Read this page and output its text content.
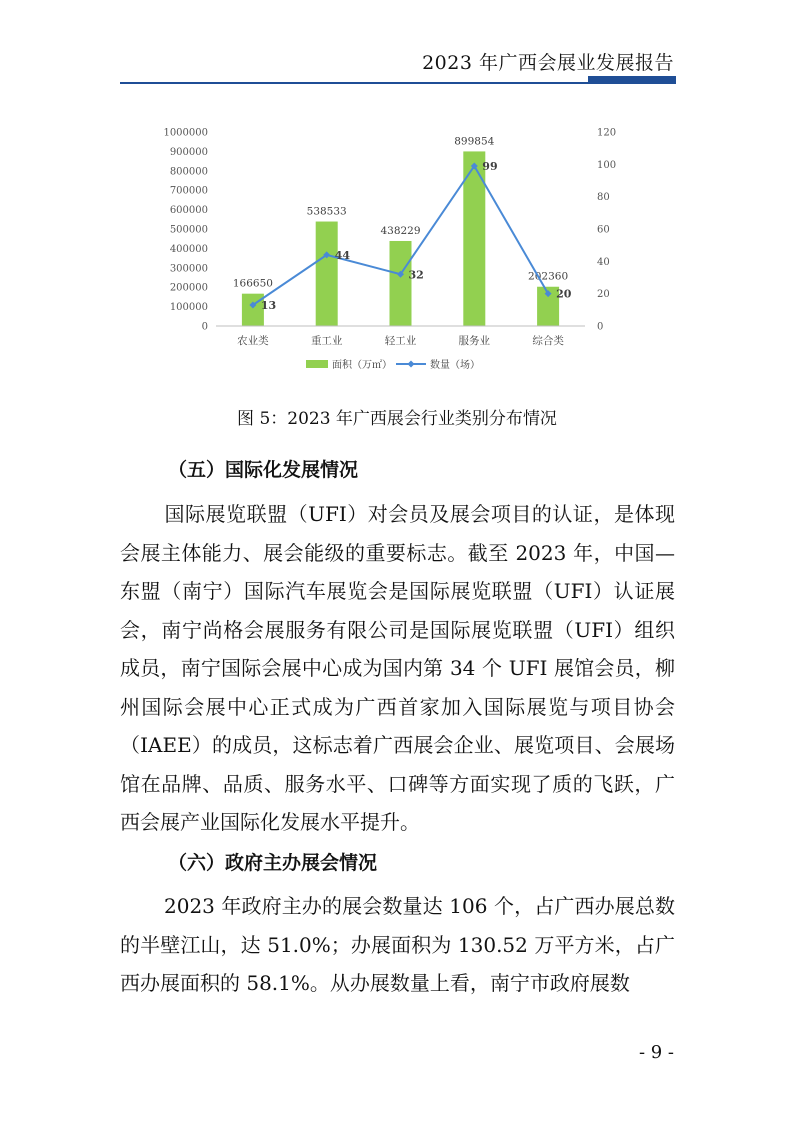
2023 年广西会展业发展报告
166650
538533
438229
899854
202360
13
44
32
99
20
0
100000
200000
300000
400000
500000
600000
700000
800000
900000
1000000
0
20
40
60
80
100
120
农业类	重工业	轻工业	服务业	综合类
面积（万㎡）	数量（场）
图 5：2023 年广西展会行业类别分布情况
（五）国际化发展情况
国际展览联盟（UFI）对会员及展会项目的认证，是体现会展主体能力、展会能级的重要标志。截至 2023 年，中国—东盟（南宁）国际汽车展览会是国际展览联盟（UFI）认证展会，南宁尚格会展服务有限公司是国际展览联盟（UFI）组织成员，南宁国际会展中心成为国内第 34 个 UFI 展馆会员，柳州国际会展中心正式成为广西首家加入国际展览与项目协会（IAEE）的成员，这标志着广西展会企业、展览项目、会展场馆在品牌、品质、服务水平、口碑等方面实现了质的飞跃，广西会展产业国际化发展水平提升。
（六）政府主办展会情况
2023 年政府主办的展会数量达 106 个，占广西办展总数的半壁江山，达 51.0%；办展面积为 130.52 万平方米，占广西办展面积的 58.1%。从办展数量上看，南宁市政府展数
- 9 -
